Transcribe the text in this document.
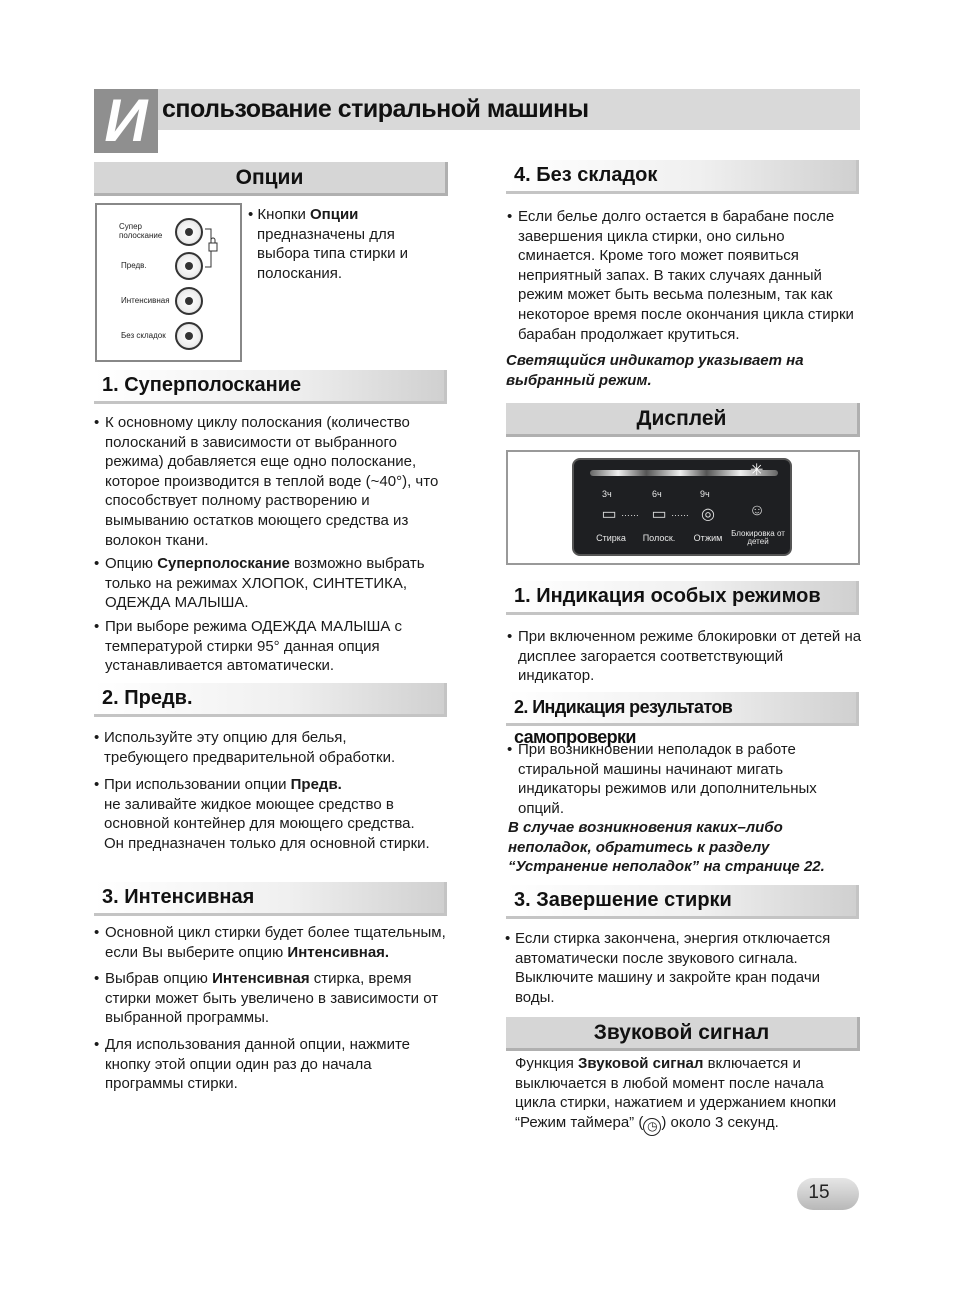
И спользование стиральной машины
Опции
Супер полоскание
Предв.
Интенсивная
Без складок
• Кнопки Опции
предназначены для выбора типа стирки и полоскания.
1. Суперполоскание
• К основному циклу полоскания (количество полосканий в зависимости от выбранного режима) добавляется еще одно полоскание, которое производится в теплой воде (~40°), что способствует полному растворению и вымыванию остатков моющего средства из волокон ткани.
• Опцию Суперполоскание возможно выбрать только на режимах ХЛОПОК, СИНТЕТИКА, ОДЕЖДА МАЛЫША.
• При выборе режима ОДЕЖДА МАЛЫША с температурой стирки 95° данная опция устанавливается автоматически.
2. Предв.
• Используйте эту опцию для белья, требующего предварительной обработки.
• При использовании опции Предв.
не заливайте жидкое моющее средство в основной контейнер для моющего средства. Он предназначен только для основной стирки.
3. Интенсивная
• Основной цикл стирки будет более тщательным, если Вы выберите опцию Интенсивная.
• Выбрав опцию Интенсивная стирка, время стирки может быть увеличено в зависимости от выбранной программы.
• Для использования данной опции, нажмите кнопку этой опции один раз до начала программы стирки.
4. Без складок
• Если белье долго остается в барабане после завершения цикла стирки, оно сильно сминается. Кроме того может появиться неприятный запах. В таких случаях данный режим может быть весьма полезным, так как некоторое время после окончания цикла стирки барабан продолжает крутиться.
Светящийся индикатор указывает на выбранный режим.
Дисплей
✳
3ч	6ч	9ч
▭ …… ▭ …… ◎	☺
Стирка	Полоск.	Отжим	Блокировка от детей
1. Индикация особых режимов
• При включенном режиме блокировки от детей на дисплее загорается соответствующий индикатор.
2. Индикация результатов самопроверки
• При возникновении неполадок в работе стиральной машины начинают мигать индикаторы режимов или дополнительных опций.
В случае возникновения каких–либо неполадок, обратитесь к разделу “Устранение неполадок” на странице 22.
3. Завершение стирки
• Если стирка закончена, энергия отключается автоматически после звукового сигнала. Выключите машину и закройте кран подачи воды.
Звуковой сигнал
Функция Звуковой сигнал включается и выключается в любой момент после начала цикла стирки, нажатием и удержанием кнопки “Режим таймера” ( ◷ ) около 3 секунд.
15
